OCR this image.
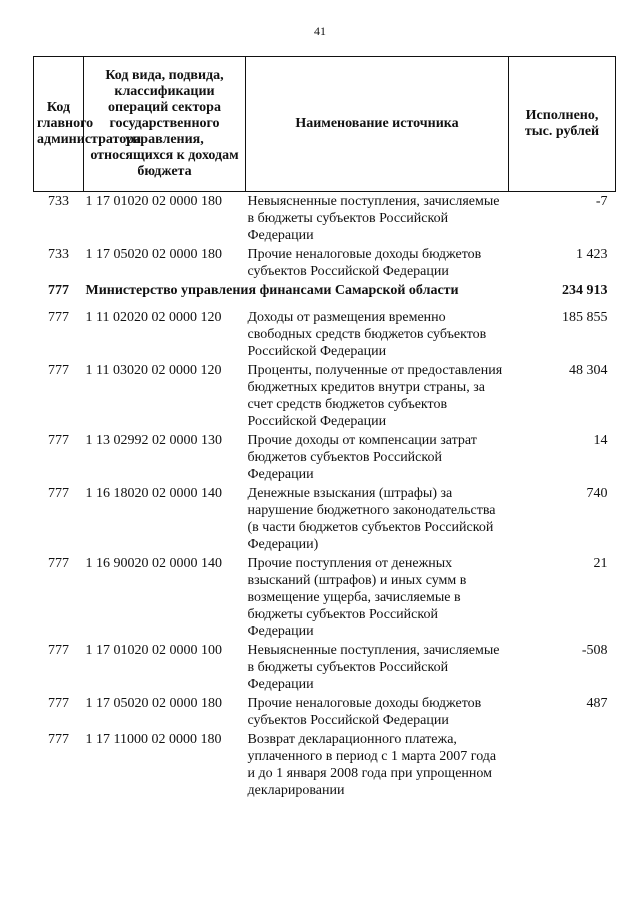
41
Код главного администратора	Код вида, подвида, классификации операций сектора государственного управления, относящихся к доходам бюджета	Наименование источника	Исполнено, тыс. рублей
733	1 17 01020 02 0000 180	Невыясненные поступления, зачисляемые в бюджеты субъектов Российской Федерации	-7
733	1 17 05020 02 0000 180	Прочие неналоговые доходы бюджетов субъектов Российской Федерации	1 423
777	Министерство управления финансами Самарской области		234 913
777	1 11 02020 02 0000 120	Доходы от размещения временно свободных средств бюджетов субъектов Российской Федерации	185 855
777	1 11 03020 02 0000 120	Проценты, полученные от предоставления бюджетных кредитов внутри страны, за счет средств бюджетов субъектов Российской Федерации	48 304
777	1 13 02992 02 0000 130	Прочие доходы от компенсации затрат бюджетов субъектов Российской Федерации	14
777	1 16 18020 02 0000 140	Денежные взыскания (штрафы) за нарушение бюджетного законодательства (в части бюджетов субъектов Российской Федерации)	740
777	1 16 90020 02 0000 140	Прочие поступления от денежных взысканий (штрафов) и иных сумм в возмещение ущерба, зачисляемые в бюджеты субъектов Российской Федерации	21
777	1 17 01020 02 0000 100	Невыясненные поступления, зачисляемые в бюджеты субъектов Российской Федерации	-508
777	1 17 05020 02 0000 180	Прочие неналоговые доходы бюджетов субъектов Российской Федерации	487
777	1 17 11000 02 0000 180	Возврат декларационного платежа, уплаченного в период с 1 марта 2007 года и до 1 января 2008 года при упрощенном декларировании	
